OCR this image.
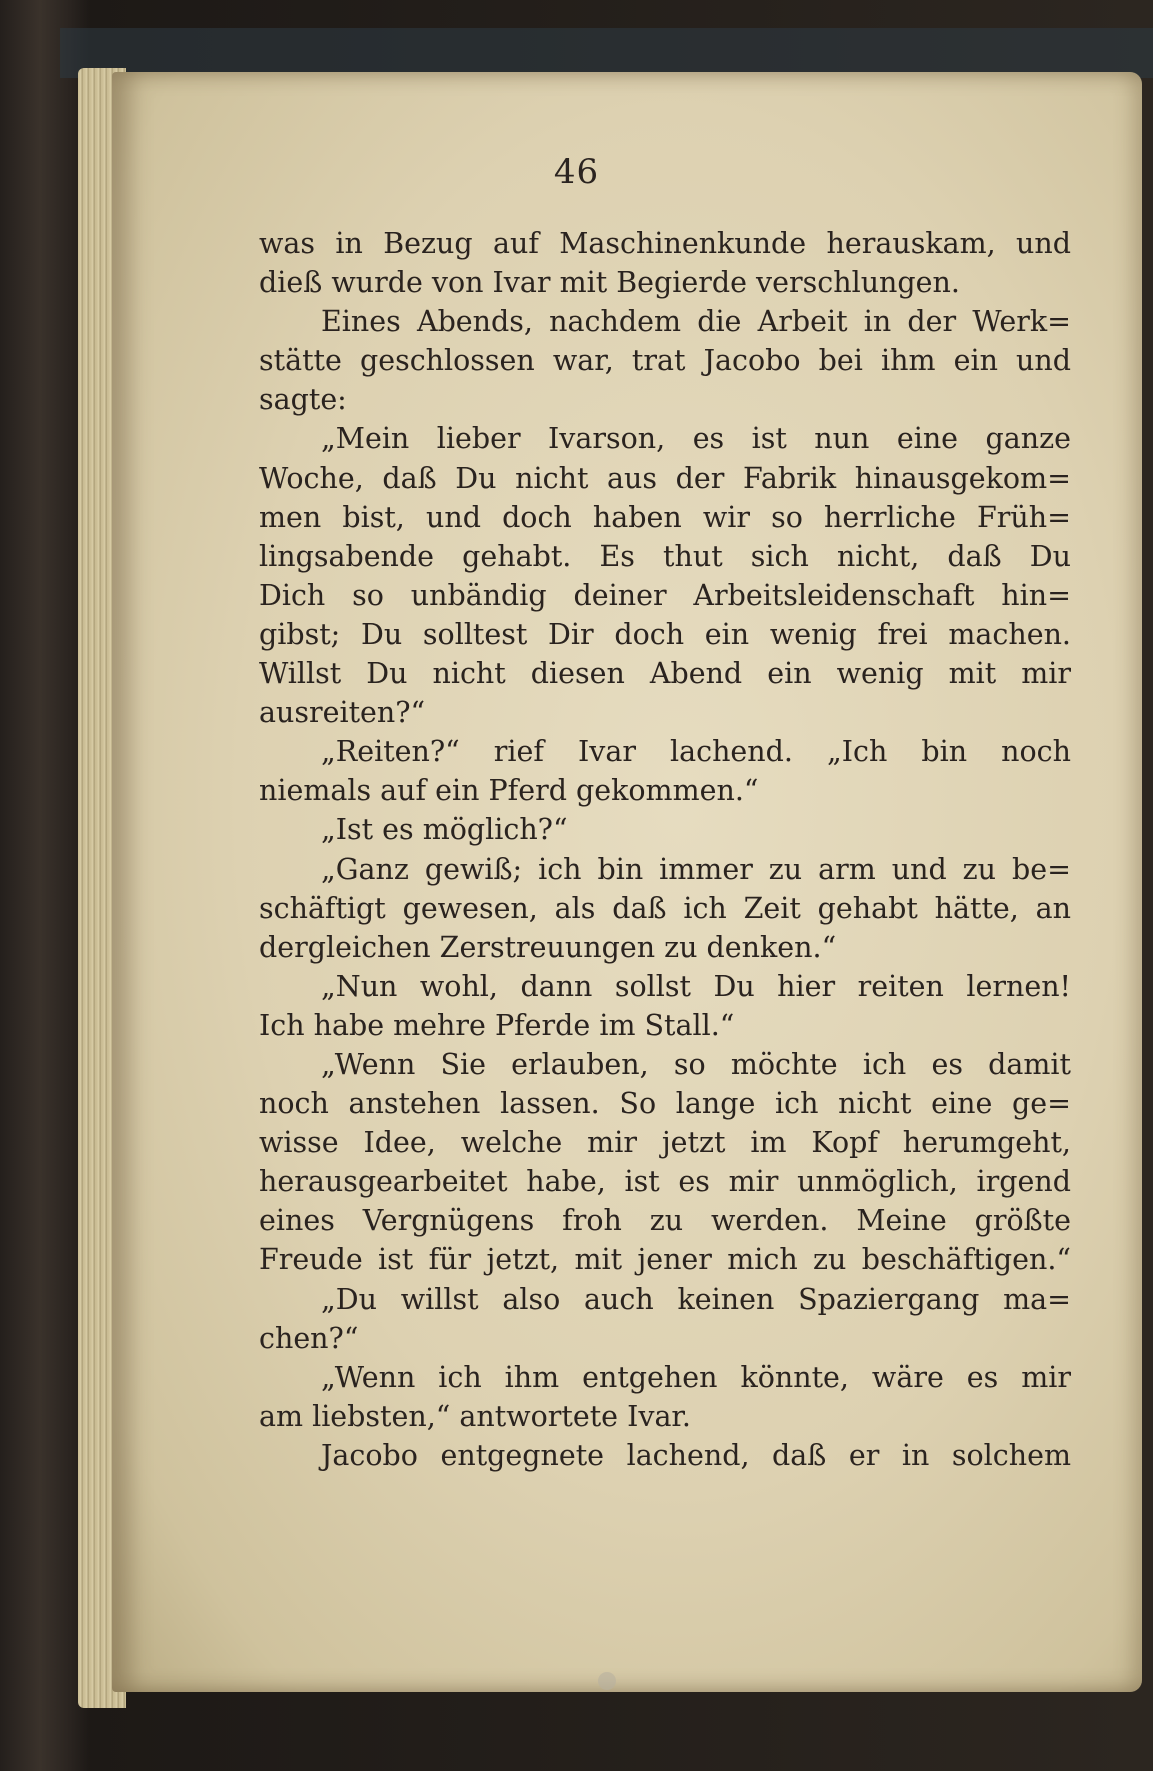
46
was in Bezug auf Maschinenkunde herauskam, und
dieß wurde von Ivar mit Begierde verschlungen.
Eines Abends, nachdem die Arbeit in der Werk=
stätte geschlossen war, trat Jacobo bei ihm ein und
sagte:
„Mein lieber Ivarson, es ist nun eine ganze
Woche, daß Du nicht aus der Fabrik hinausgekom=
men bist, und doch haben wir so herrliche Früh=
lingsabende gehabt. Es thut sich nicht, daß Du
Dich so unbändig deiner Arbeitsleidenschaft hin=
gibst; Du solltest Dir doch ein wenig frei machen.
Willst Du nicht diesen Abend ein wenig mit mir
ausreiten?“
„Reiten?“ rief Ivar lachend. „Ich bin noch
niemals auf ein Pferd gekommen.“
„Ist es möglich?“
„Ganz gewiß; ich bin immer zu arm und zu be=
schäftigt gewesen, als daß ich Zeit gehabt hätte, an
dergleichen Zerstreuungen zu denken.“
„Nun wohl, dann sollst Du hier reiten lernen!
Ich habe mehre Pferde im Stall.“
„Wenn Sie erlauben, so möchte ich es damit
noch anstehen lassen. So lange ich nicht eine ge=
wisse Idee, welche mir jetzt im Kopf herumgeht,
herausgearbeitet habe, ist es mir unmöglich, irgend
eines Vergnügens froh zu werden. Meine größte
Freude ist für jetzt, mit jener mich zu beschäftigen.“
„Du willst also auch keinen Spaziergang ma=
chen?“
„Wenn ich ihm entgehen könnte, wäre es mir
am liebsten,“ antwortete Ivar.
Jacobo entgegnete lachend, daß er in solchem
